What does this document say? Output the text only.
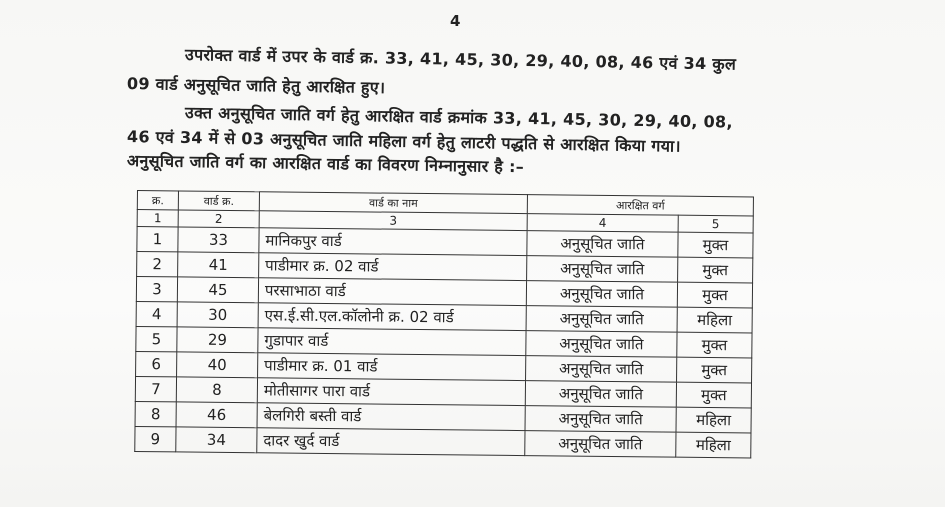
4
उपरोक्त वार्ड में उपर के वार्ड क्र. 33, 41, 45, 30, 29, 40, 08, 46 एवं 34 कुल
09 वार्ड अनुसूचित जाति हेतु आरक्षित हुए।
उक्त अनुसूचित जाति वर्ग हेतु आरक्षित वार्ड क्रमांक 33, 41, 45, 30, 29, 40, 08,
46 एवं 34 में से 03 अनुसूचित जाति महिला वर्ग हेतु लाटरी पद्धति से आरक्षित किया गया।
अनुसूचित जाति वर्ग का आरक्षित वार्ड का विवरण निम्नानुसार है :–
क्र.	वार्ड क्र.	वार्ड का नाम	आरक्षित वर्ग	
1	2	3	4	5
1	33	मानिकपुर वार्ड	अनुसूचित जाति	मुक्त
2	41	पाडीमार क्र. 02 वार्ड	अनुसूचित जाति	मुक्त
3	45	परसाभाठा वार्ड	अनुसूचित जाति	मुक्त
4	30	एस.ई.सी.एल.कॉलोनी क्र. 02 वार्ड	अनुसूचित जाति	महिला
5	29	गुडापार वार्ड	अनुसूचित जाति	मुक्त
6	40	पाडीमार क्र. 01 वार्ड	अनुसूचित जाति	मुक्त
7	8	मोतीसागर पारा वार्ड	अनुसूचित जाति	मुक्त
8	46	बेलगिरी बस्ती वार्ड	अनुसूचित जाति	महिला
9	34	दादर खुर्द वार्ड	अनुसूचित जाति	महिला
